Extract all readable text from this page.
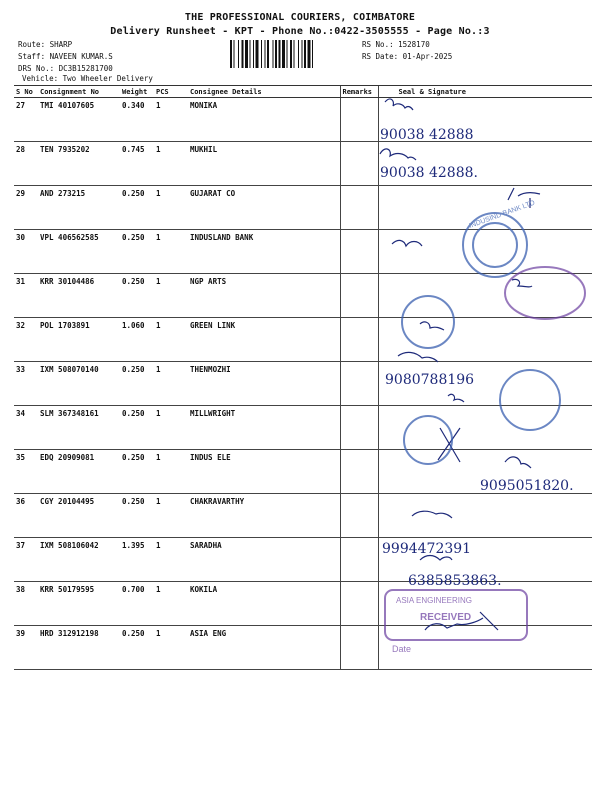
THE PROFESSIONAL COURIERS, COIMBATORE
Delivery Runsheet - KPT - Phone No.:0422-3505555 - Page No.:3
Route: SHARP
Staff: NAVEEN KUMAR.S
DRS No.: DC3B15281700
Vehicle: Two Wheeler Delivery
RS No.: 1528170
RS Date: 01-Apr-2025
S No	Consignment No	Weight	PCS	Consignee Details	Remarks	Seal & Signature
27	TMI 40107605	0.340	1	MONIKA		
28	TEN 7935202	0.745	1	MUKHIL		
29	AND 273215	0.250	1	GUJARAT CO		
30	VPL 406562585	0.250	1	INDUSLAND BANK		
31	KRR 30104486	0.250	1	NGP ARTS		
32	POL 1703891	1.060	1	GREEN LINK		
33	IXM 508070140	0.250	1	THENMOZHI		
34	SLM 367348161	0.250	1	MILLWRIGHT		
35	EDQ 20909081	0.250	1	INDUS ELE		
36	CGY 20104495	0.250	1	CHAKRAVARTHY		
37	IXM 508106042	1.395	1	SARADHA		
38	KRR 50179595	0.700	1	KOKILA		
39	HRD 312912198	0.250	1	ASIA ENG		
90038 42888
90038 42888.
9080788196
9095051820.
9994472391
6385853863.
INDUSIND BANK LTD
ASIA ENGINEERING
RECEIVED
Date
